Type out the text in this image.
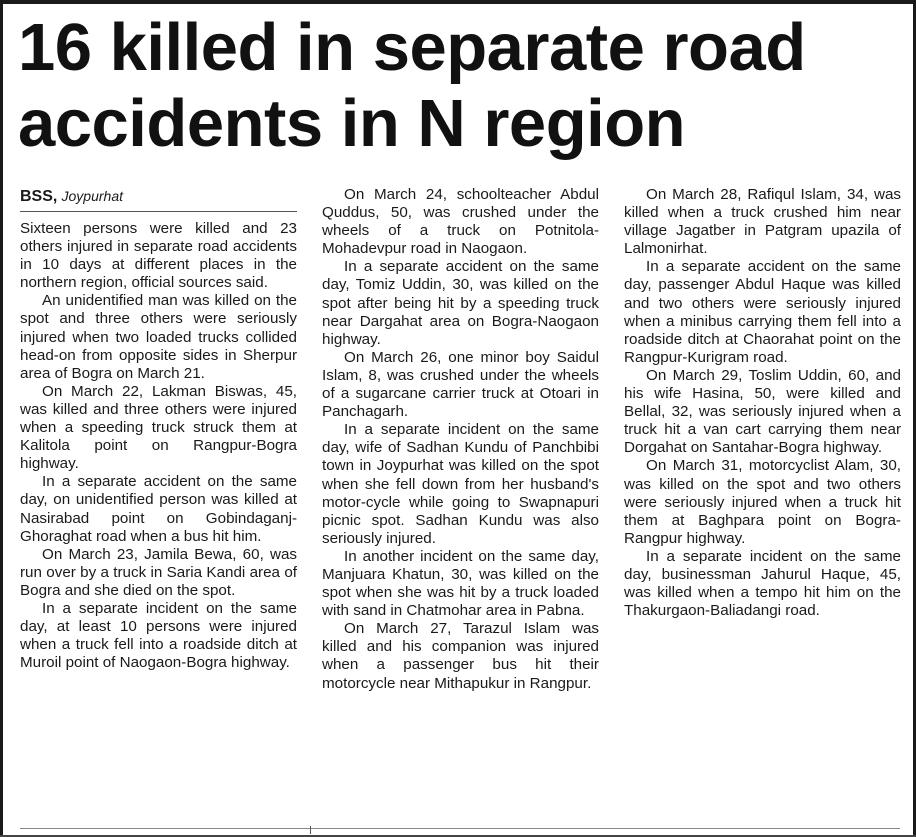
16 killed in separate road accidents in N region
BSS, Joypurhat

Sixteen persons were killed and 23 others injured in separate road accidents in 10 days at different places in the northern region, official sources said.

An unidentified man was killed on the spot and three others were seriously injured when two loaded trucks collided head-on from opposite sides in Sherpur area of Bogra on March 21.

On March 22, Lakman Biswas, 45, was killed and three others were injured when a speeding truck struck them at Kalitola point on Rangpur-Bogra highway.

In a separate accident on the same day, on unidentified person was killed at Nasirabad point on Gobindaganj-Ghoraghat road when a bus hit him.

On March 23, Jamila Bewa, 60, was run over by a truck in Saria Kandi area of Bogra and she died on the spot.

In a separate incident on the same day, at least 10 persons were injured when a truck fell into a roadside ditch at Muroil point of Naogaon-Bogra highway.

On March 24, schoolteacher Abdul Quddus, 50, was crushed under the wheels of a truck on Potnitola-Mohadevpur road in Naogaon.

In a separate accident on the same day, Tomiz Uddin, 30, was killed on the spot after being hit by a speeding truck near Dargahat area on Bogra-Naogaon highway.

On March 26, one minor boy Saidul Islam, 8, was crushed under the wheels of a sugarcane carrier truck at Otoari in Panchagarh.

In a separate incident on the same day, wife of Sadhan Kundu of Panchbibi town in Joypurhat was killed on the spot when she fell down from her husband's motor-cycle while going to Swapnapuri picnic spot. Sadhan Kundu was also seriously injured.

In another incident on the same day, Manjuara Khatun, 30, was killed on the spot when she was hit by a truck loaded with sand in Chatmohar area in Pabna.

On March 27, Tarazul Islam was killed and his companion was injured when a passenger bus hit their motorcycle near Mithapukur in Rangpur.

On March 28, Rafiqul Islam, 34, was killed when a truck crushed him near village Jagatber in Patgram upazila of Lalmonirhat.

In a separate accident on the same day, passenger Abdul Haque was killed and two others were seriously injured when a minibus carrying them fell into a roadside ditch at Chaorahat point on the Rangpur-Kurigram road.

On March 29, Toslim Uddin, 60, and his wife Hasina, 50, were killed and Bellal, 32, was seriously injured when a truck hit a van cart carrying them near Dorgahat on Santahar-Bogra highway.

On March 31, motorcyclist Alam, 30, was killed on the spot and two others were seriously injured when a truck hit them at Baghpara point on Bogra-Rangpur highway.

In a separate incident on the same day, businessman Jahurul Haque, 45, was killed when a tempo hit him on the Thakurgaon-Baliadangi road.
